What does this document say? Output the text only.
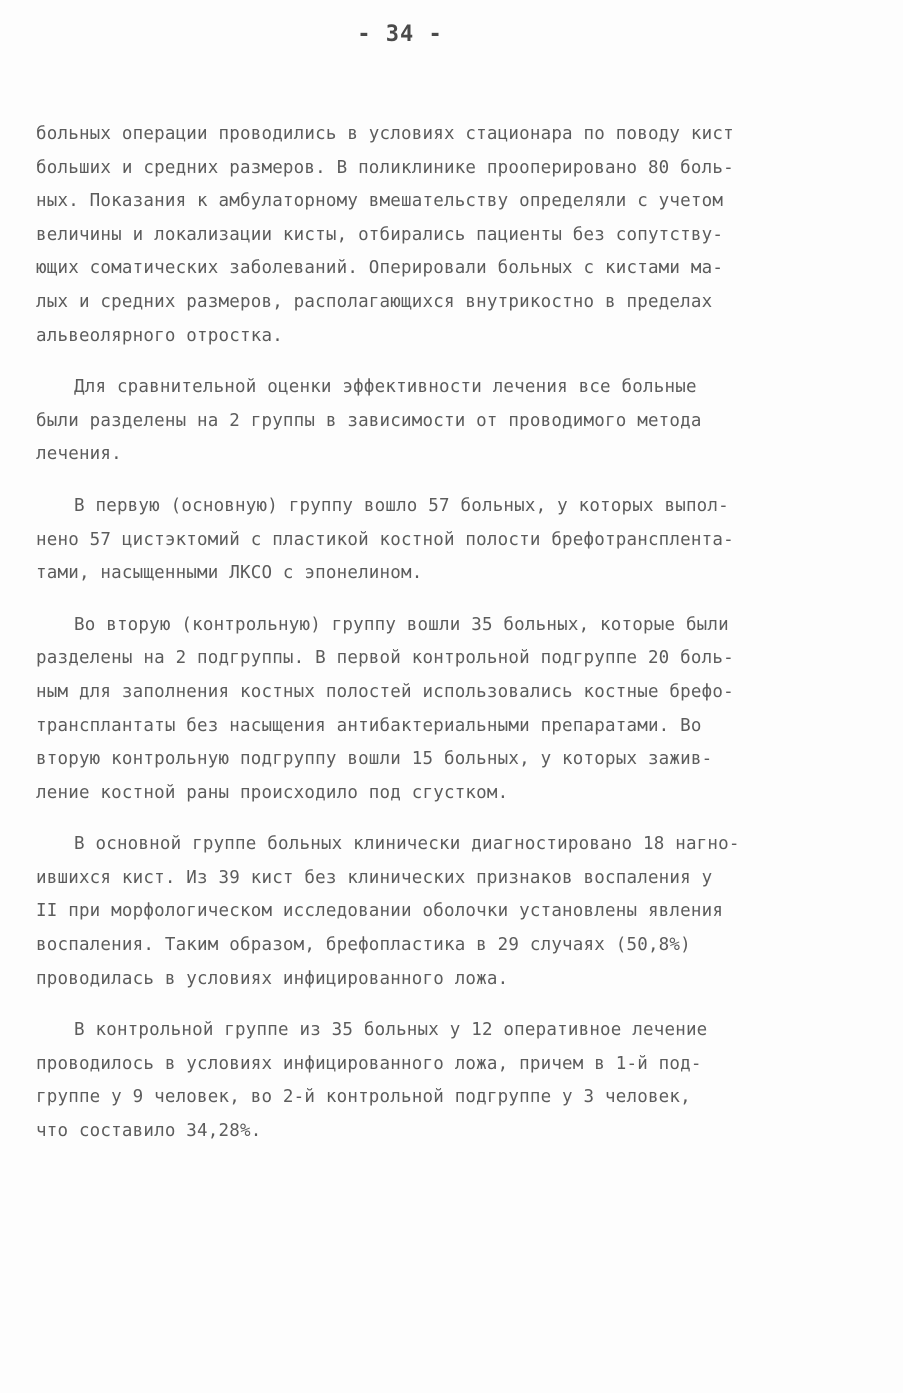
- 34 -

больных операции проводились в условиях стационара по поводу кист
больших и средних размеров. В поликлинике прооперировано 80 боль-
ных. Показания к амбулаторному вмешательству определяли с учетом
величины и локализации кисты, отбирались пациенты без сопутству-
ющих соматических заболеваний. Оперировали больных с кистами ма-
лых и средних размеров, располагающихся внутрикостно в пределах
альвеолярного отростка.

Для сравнительной оценки эффективности лечения все больные
были разделены на 2 группы в зависимости от проводимого метода
лечения.

В первую (основную) группу вошло 57 больных, у которых выпол-
нено 57 цистэктомий с пластикой костной полости брефотрансплента-
тами, насыщенными ЛКСО с эпонелином.

Во вторую (контрольную) группу вошли 35 больных, которые были
разделены на 2 подгруппы. В первой контрольной подгруппе 20 боль-
ным для заполнения костных полостей использовались костные брефо-
трансплантаты без насыщения антибактериальными препаратами. Во
вторую контрольную подгруппу вошли 15 больных, у которых зажив-
ление костной раны происходило под сгустком.

В основной группе больных клинически диагностировано 18 нагно-
ившихся кист. Из 39 кист без клинических признаков воспаления у
II при морфологическом исследовании оболочки установлены явления
воспаления. Таким образом, брефопластика в 29 случаях (50,8%)
проводилась в условиях инфицированного ложа.

В контрольной группе из 35 больных у 12 оперативное лечение
проводилось в условиях инфицированного ложа, причем в 1-й под-
группе у 9 человек, во 2-й контрольной подгруппе у 3 человек,
что составило 34,28%.
